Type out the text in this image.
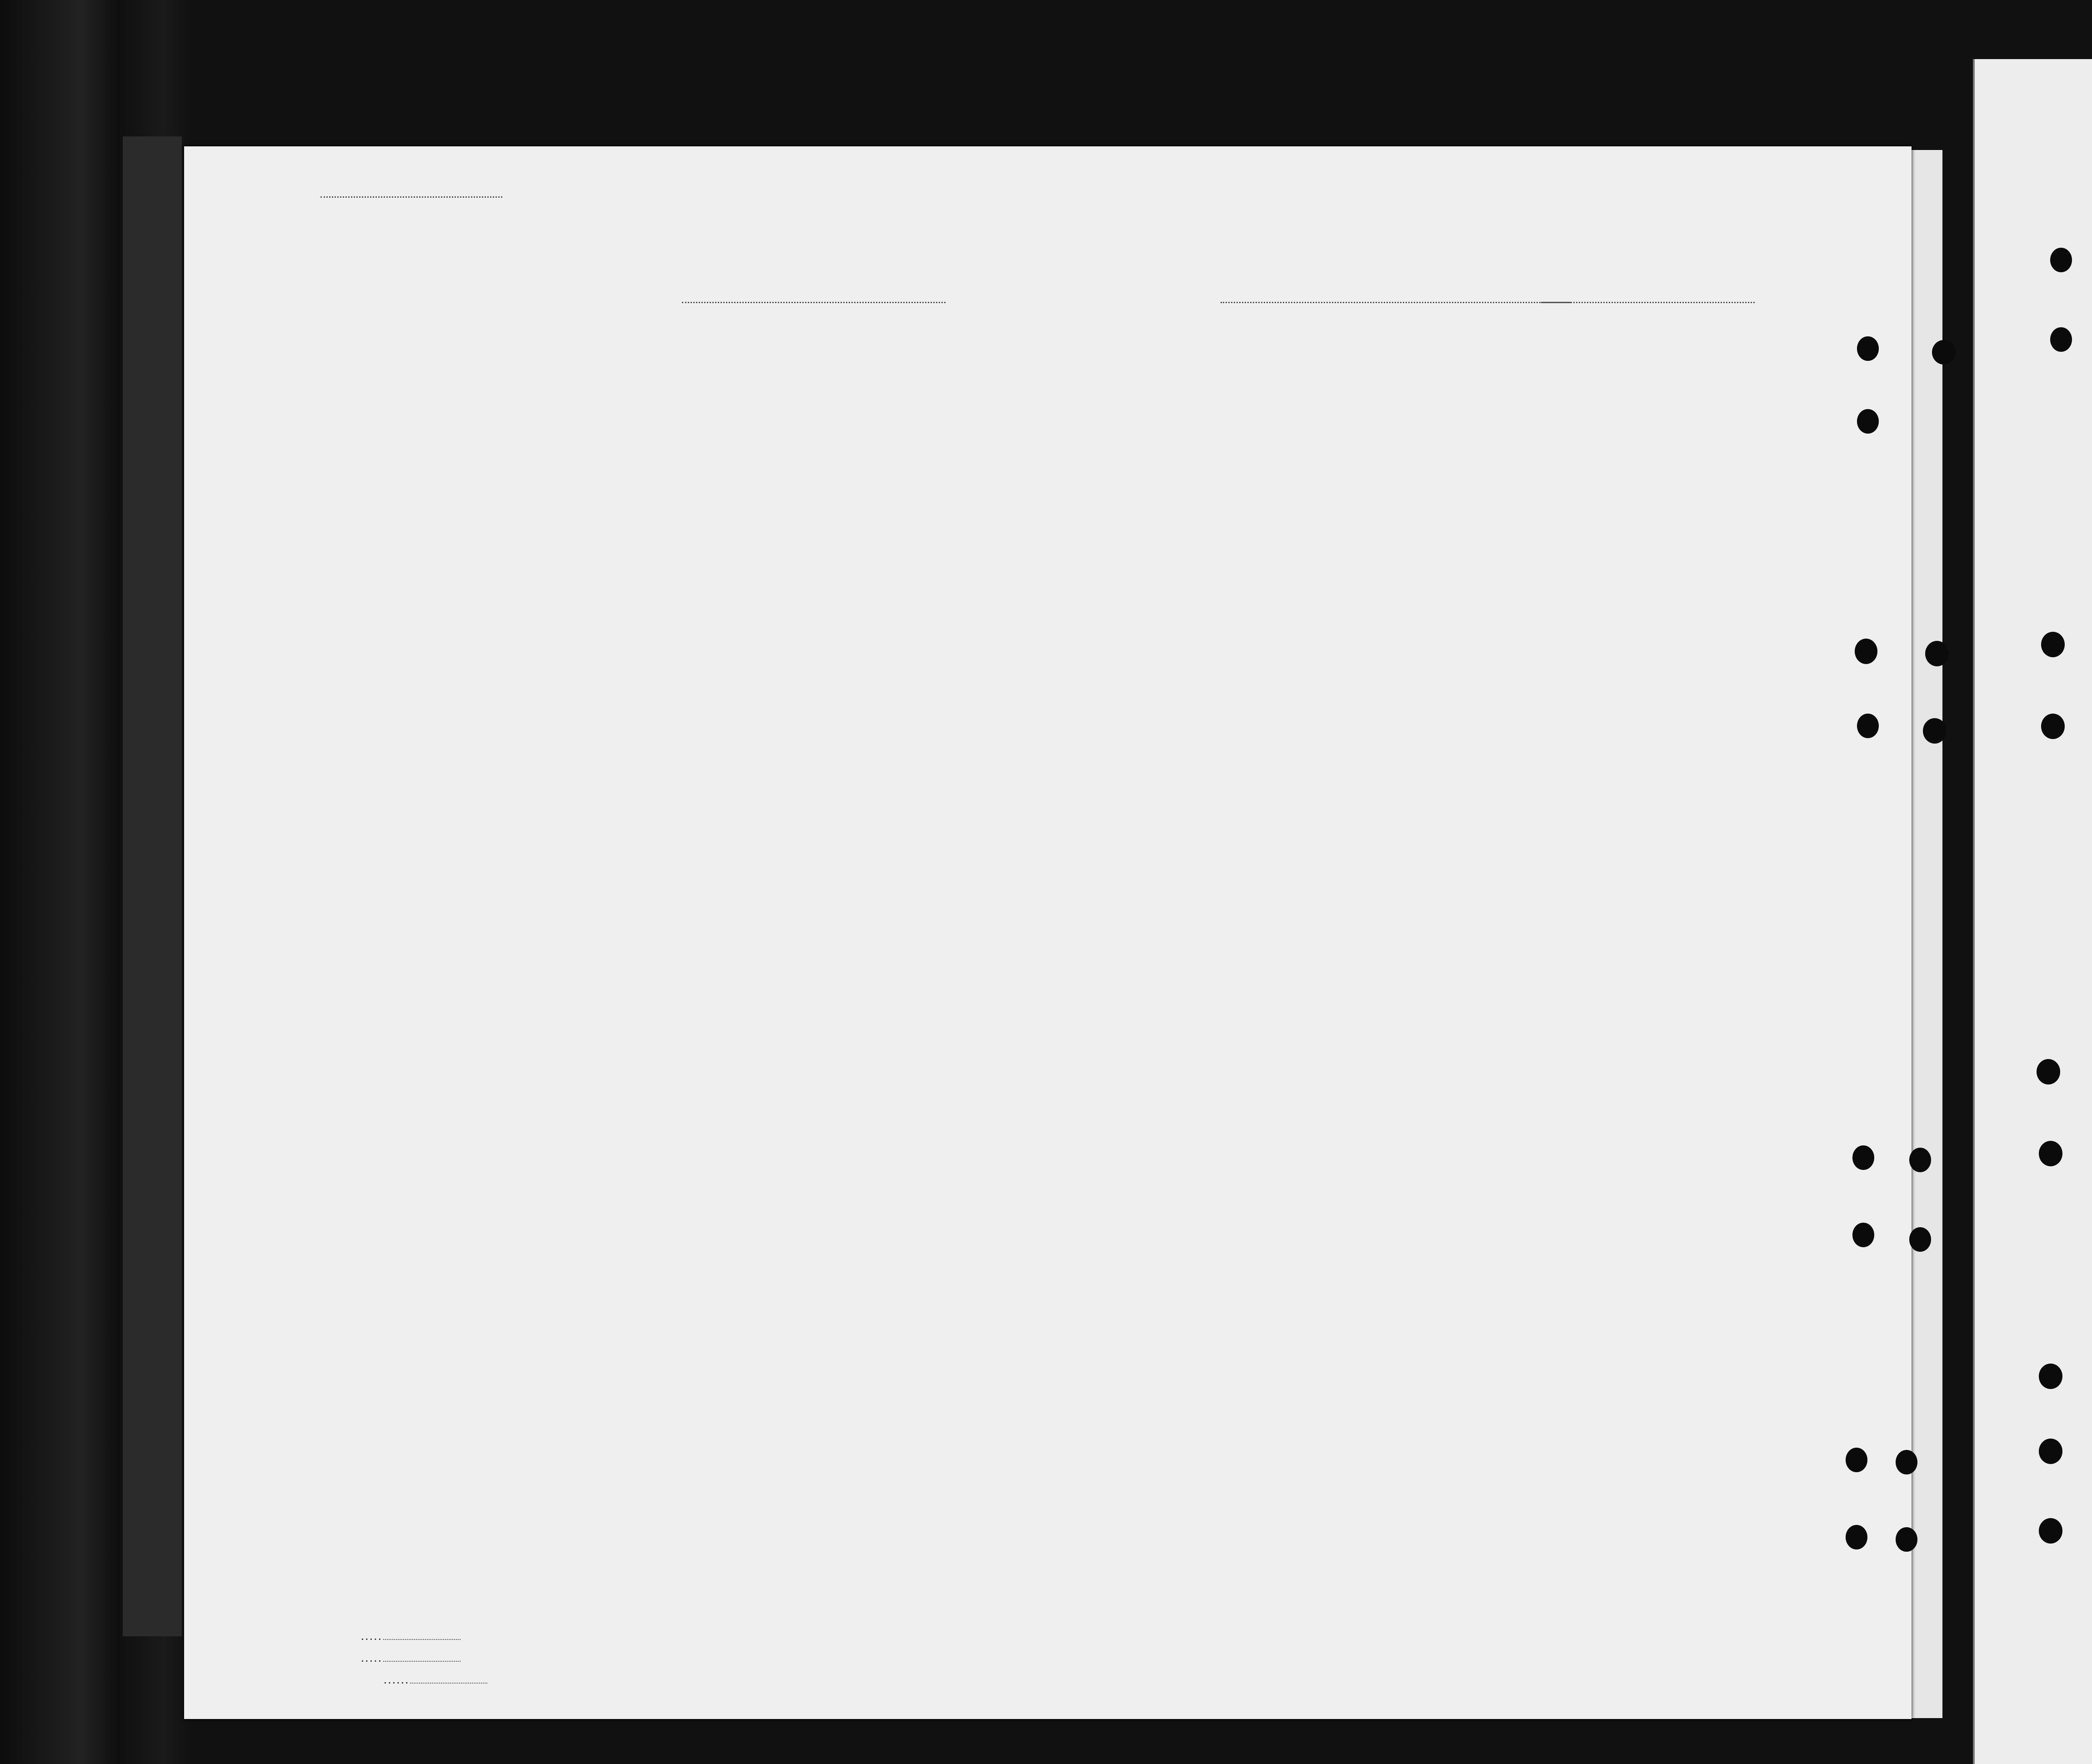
. . . . .
. . . . .
. . . . . .
